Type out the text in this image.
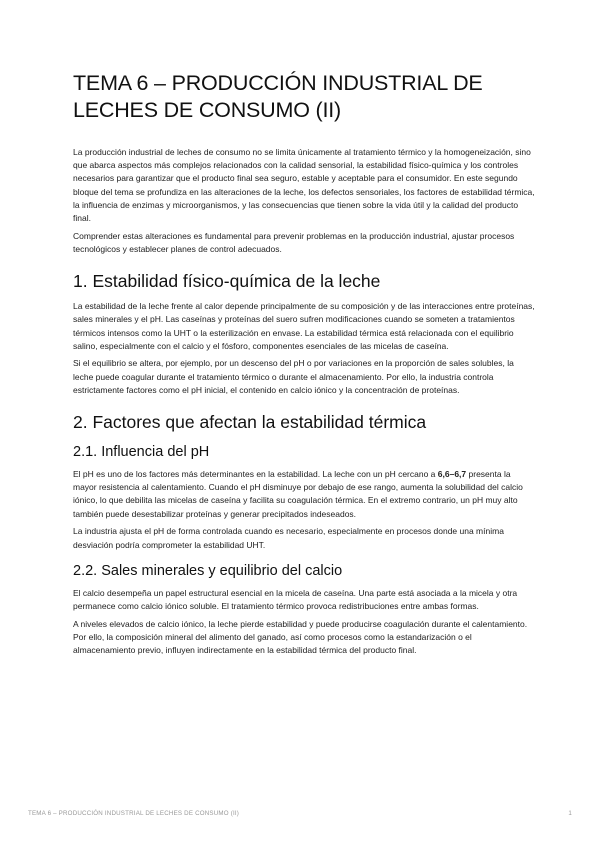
TEMA 6 – PRODUCCIÓN INDUSTRIAL DE LECHES DE CONSUMO (II)

La producción industrial de leches de consumo no se limita únicamente al tratamiento térmico y la homogeneización, sino que abarca aspectos más complejos relacionados con la calidad sensorial, la estabilidad físico-química y los controles necesarios para garantizar que el producto final sea seguro, estable y aceptable para el consumidor. En este segundo bloque del tema se profundiza en las alteraciones de la leche, los defectos sensoriales, los factores de estabilidad térmica, la influencia de enzimas y microorganismos, y las consecuencias que tienen sobre la vida útil y la calidad del producto final.

Comprender estas alteraciones es fundamental para prevenir problemas en la producción industrial, ajustar procesos tecnológicos y establecer planes de control adecuados.

1. Estabilidad físico-química de la leche

La estabilidad de la leche frente al calor depende principalmente de su composición y de las interacciones entre proteínas, sales minerales y el pH. Las caseínas y proteínas del suero sufren modificaciones cuando se someten a tratamientos térmicos intensos como la UHT o la esterilización en envase. La estabilidad térmica está relacionada con el equilibrio salino, especialmente con el calcio y el fósforo, componentes esenciales de las micelas de caseína.

Si el equilibrio se altera, por ejemplo, por un descenso del pH o por variaciones en la proporción de sales solubles, la leche puede coagular durante el tratamiento térmico o durante el almacenamiento. Por ello, la industria controla estrictamente factores como el pH inicial, el contenido en calcio iónico y la concentración de proteínas.

2. Factores que afectan la estabilidad térmica
2.1. Influencia del pH

El pH es uno de los factores más determinantes en la estabilidad. La leche con un pH cercano a 6,6–6,7 presenta la mayor resistencia al calentamiento. Cuando el pH disminuye por debajo de ese rango, aumenta la solubilidad del calcio iónico, lo que debilita las micelas de caseína y facilita su coagulación térmica. En el extremo contrario, un pH muy alto también puede desestabilizar proteínas y generar precipitados indeseados.

La industria ajusta el pH de forma controlada cuando es necesario, especialmente en procesos donde una mínima desviación podría comprometer la estabilidad UHT.

2.2. Sales minerales y equilibrio del calcio

El calcio desempeña un papel estructural esencial en la micela de caseína. Una parte está asociada a la micela y otra permanece como calcio iónico soluble. El tratamiento térmico provoca redistribuciones entre ambas formas.

A niveles elevados de calcio iónico, la leche pierde estabilidad y puede producirse coagulación durante el calentamiento. Por ello, la composición mineral del alimento del ganado, así como procesos como la estandarización o el almacenamiento previo, influyen indirectamente en la estabilidad térmica del producto final.

TEMA 6 – PRODUCCIÓN INDUSTRIAL DE LECHES DE CONSUMO (II)	1
